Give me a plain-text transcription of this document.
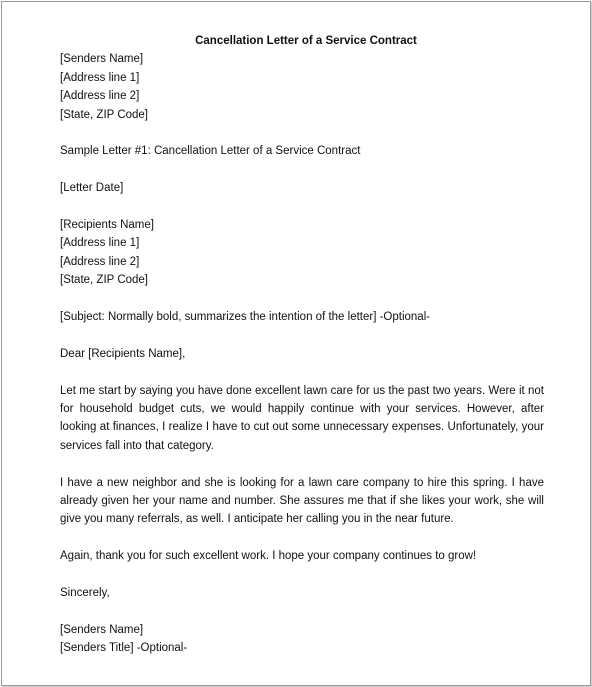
Cancellation Letter of a Service Contract
[Senders Name]
[Address line 1]
[Address line 2]
[State, ZIP Code]
Sample Letter #1: Cancellation Letter of a Service Contract
[Letter Date]
[Recipients Name]
[Address line 1]
[Address line 2]
[State, ZIP Code]
[Subject: Normally bold, summarizes the intention of the letter] -Optional-
Dear [Recipients Name],

Let me start by saying you have done excellent lawn care for us the past two years. Were it not for household budget cuts, we would happily continue with your services. However, after looking at finances, I realize I have to cut out some unnecessary expenses. Unfortunately, your services fall into that category.

I have a new neighbor and she is looking for a lawn care company to hire this spring. I have already given her your name and number. She assures me that if she likes your work, she will give you many referrals, as well. I anticipate her calling you in the near future.

Again, thank you for such excellent work. I hope your company continues to grow!

Sincerely,
[Senders Name]
[Senders Title] -Optional-
